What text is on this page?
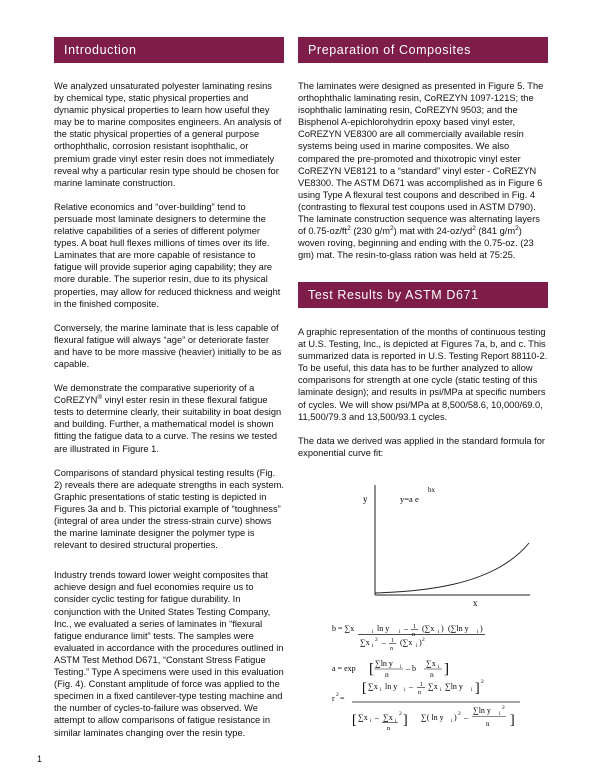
Introduction

We analyzed unsaturated polyester laminating resins by chemical type, static physical properties and dynamic physical properties to learn how useful they may be to marine composites engineers. An analysis of the static physical properties of a general purpose orthophthalic, corrosion resistant isophthalic, or premium grade vinyl ester resin does not immediately reveal why a particular resin type should be chosen for marine laminate construction.

Relative economics and “over-building” tend to persuade most laminate designers to determine the relative capabilities of a series of different polymer types. A boat hull flexes millions of times over its life. Laminates that are more capable of resistance to fatigue will provide superior aging capability; they are more durable. The superior resin, due to its physical properties, may allow for reduced thickness and weight in the finished composite.

Conversely, the marine laminate that is less capable of flexural fatigue will always “age” or deteriorate faster and have to be more massive (heavier) initially to be as capable.

We demonstrate the comparative superiority of a CoREZYN® vinyl ester resin in these flexural fatigue tests to determine clearly, their suitability in boat design and building. Further, a mathematical model is shown fitting the fatigue data to a curve. The resins we tested are illustrated in Figure 1.

Comparisons of standard physical testing results (Fig. 2) reveals there are adequate strengths in each system. Graphic presentations of static testing is depicted in Figures 3a and b. This pictorial example of “toughness” (integral of area under the stress-strain curve) shows the marine laminate designer the polymer type is relevant to desired structural properties.

Industry trends toward lower weight composites that achieve design and fuel economies require us to consider cyclic testing for fatigue durability. In conjunction with the United States Testing Company, Inc., we evaluated a series of laminates in “flexural fatigue endurance limit” tests. The samples were evaluated in accordance with the procedures outlined in ASTM Test Method D671, “Constant Stress Fatigue Testing.” Type A specimens were used in this evaluation (Fig. 4). Constant amplitude of force was applied to the specimen in a fixed cantilever-type testing machine and the number of cycles-to-failure was observed. We attempt to allow comparisons of fatigue resistance in similar laminates changing over the resin type.

1
Preparation of Composites

The laminates were designed as presented in Figure 5. The orthophthalic laminating resin, CoREZYN 1097-121S; the isophthalic laminating resin, CoREZYN 9503; and the Bisphenol A-epichlorohydrin epoxy based vinyl ester, CoREZYN VE8300 are all commercially available resin systems being used in marine composites. We also compared the pre-promoted and thixotropic vinyl ester CoREZYN VE8121 to a “standard” vinyl ester - CoREZYN VE8300. The ASTM D671 was accomplished as in Figure 6 using Type A flexural test coupons and described in Fig. 4 (contrasting to flexural test coupons used in ASTM D790). The laminate construction sequence was alternating layers of $0.75-oz/ft^2$ (230 $g/m^2$) mat with $24-oz/yd^2$ (841 $g/m^2$) woven roving, beginning and ending with the 0.75-oz. (23 gm) mat. The resin-to-glass ration was held at 75:25.

Test Results by ASTM D671

A graphic representation of the months of continuous testing at U.S. Testing, Inc., is depicted at Figures 7a, b, and c. This summarized data is reported in U.S. Testing Report 88110-2. To be useful, this data has to be further analyzed to allow comparisons for strength at one cycle (static testing of this laminate design); and results in psi/MPa at specific numbers of cycles. We will show psi/MPa at 8,500/58.6, 10,000/69.0, 11,500/79.3 and 13,500/93.1 cycles.

The data we derived was applied in the standard formula for exponential curve fit:

y	y=a e
bx
x
b = ∑x	i ln y i – 1
n
(∑x i ) (∑ln y i )
∑x i
2 – 1
n
(∑x i ) 2
a = exp [ ∑ln y i
n
– b
∑x i
n ]
r 2 =
[ ∑x i ln y i – 1
n
∑x i ∑ln y i ] 2
[ ∑x i – ∑x i
2
n
] ∑( ln y i ) 2 –
∑ln y i
2
n ]
